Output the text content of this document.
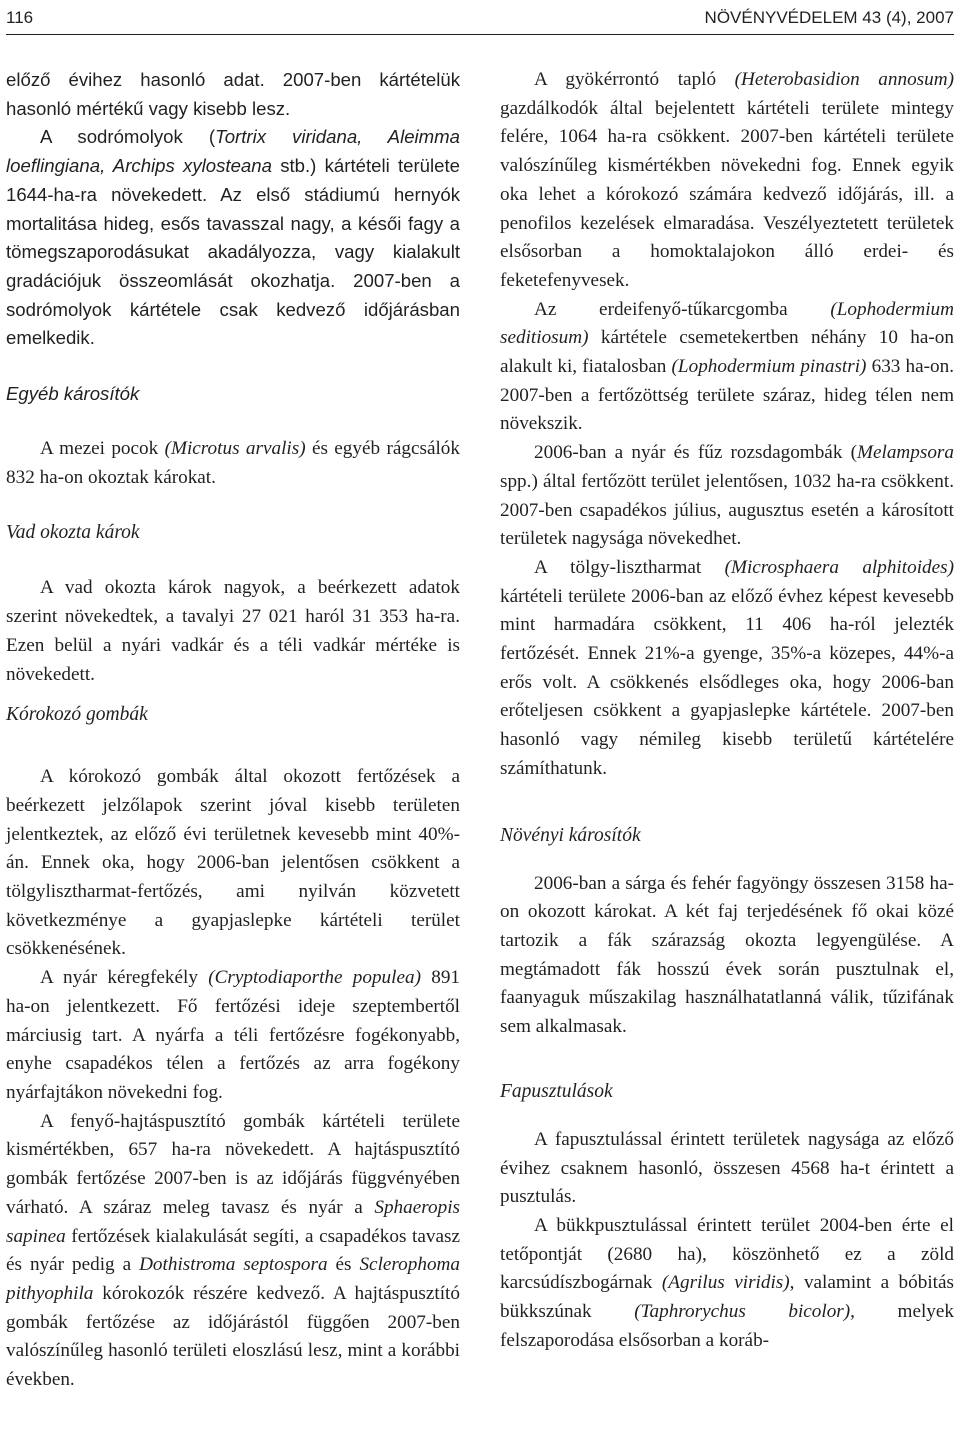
116	NÖVÉNYVÉDELEM 43 (4), 2007

előző évihez hasonló adat. 2007-ben kártételük hasonló mértékű vagy kisebb lesz.

A sodrómolyok (Tortrix viridana, Aleimma loeflingiana, Archips xylosteana stb.) kártételi területe 1644-ha-ra növekedett. Az első stádiumú hernyók mortalitása hideg, esős tavasszal nagy, a késői fagy a tömegszaporodásukat akadályozza, vagy kialakult gradációjuk összeomlását okozhatja. 2007-ben a sodrómolyok kártétele csak kedvező időjárásban emelkedik.

Egyéb károsítók

A mezei pocok (Microtus arvalis) és egyéb rágcsálók 832 ha-on okoztak károkat.

Vad okozta károk

A vad okozta károk nagyok, a beérkezett adatok szerint növekedtek, a tavalyi 27 021 haról 31 353 ha-ra. Ezen belül a nyári vadkár és a téli vadkár mértéke is növekedett.

Kórokozó gombák

A kórokozó gombák által okozott fertőzések a beérkezett jelzőlapok szerint jóval kisebb területen jelentkeztek, az előző évi területnek kevesebb mint 40%-án. Ennek oka, hogy 2006-ban jelentősen csökkent a tölgylisztharmat-fertőzés, ami nyilván közvetett következménye a gyapjaslepke kártételi terület csökkenésének.

A nyár kéregfekély (Cryptodiaporthe populea) 891 ha-on jelentkezett. Fő fertőzési ideje szeptembertől márciusig tart. A nyárfa a téli fertőzésre fogékonyabb, enyhe csapadékos télen a fertőzés az arra fogékony nyárfajtákon növekedni fog.

A fenyő-hajtáspusztító gombák kártételi területe kismértékben, 657 ha-ra növekedett. A hajtáspusztító gombák fertőzése 2007-ben is az időjárás függvényében várható. A száraz meleg tavasz és nyár a Sphaeropis sapinea fertőzések kialakulását segíti, a csapadékos tavasz és nyár pedig a Dothistroma septospora és Sclerophoma pithyophila kórokozók részére kedvező. A hajtáspusztító gombák fertőzése az időjárástól függően 2007-ben valószínűleg hasonló területi eloszlású lesz, mint a korábbi években.

A gyökérrontó tapló (Heterobasidion annosum) gazdálkodók által bejelentett kártételi területe mintegy felére, 1064 ha-ra csökkent. 2007-ben kártételi területe valószínűleg kismértékben növekedni fog. Ennek egyik oka lehet a kórokozó számára kedvező időjárás, ill. a penofilos kezelések elmaradása. Veszélyeztetett területek elsősorban a homoktalajokon álló erdei- és feketefenyvesek.

Az erdeifenyő-tűkarcgomba (Lophodermium seditiosum) kártétele csemetekertben néhány 10 ha-on alakult ki, fiatalosban (Lophodermium pinastri) 633 ha-on. 2007-ben a fertőzöttség területe száraz, hideg télen nem növekszik.

2006-ban a nyár és fűz rozsdagombák (Melampsora spp.) által fertőzött terület jelentősen, 1032 ha-ra csökkent. 2007-ben csapadékos július, augusztus esetén a károsított területek nagysága növekedhet.

A tölgy-lisztharmat (Microsphaera alphitoides) kártételi területe 2006-ban az előző évhez képest kevesebb mint harmadára csökkent, 11 406 ha-ról jelezték fertőzését. Ennek 21%-a gyenge, 35%-a közepes, 44%-a erős volt. A csökkenés elsődleges oka, hogy 2006-ban erőteljesen csökkent a gyapjaslepke kártétele. 2007-ben hasonló vagy némileg kisebb területű kártételére számíthatunk.

Növényi károsítók

2006-ban a sárga és fehér fagyöngy összesen 3158 ha-on okozott károkat. A két faj terjedésének fő okai közé tartozik a fák szárazság okozta legyengülése. A megtámadott fák hosszú évek során pusztulnak el, faanyaguk műszakilag használhatatlanná válik, tűzifának sem alkalmasak.

Fapusztulások

A fapusztulással érintett területek nagysága az előző évihez csaknem hasonló, összesen 4568 ha-t érintett a pusztulás.

A bükkpusztulással érintett terület 2004-ben érte el tetőpontját (2680 ha), köszönhető ez a zöld karcsúdíszbogárnak (Agrilus viridis), valamint a bóbitás bükkszúnak (Taphrorychus bicolor), melyek felszaporodása elsősorban a koráb-
